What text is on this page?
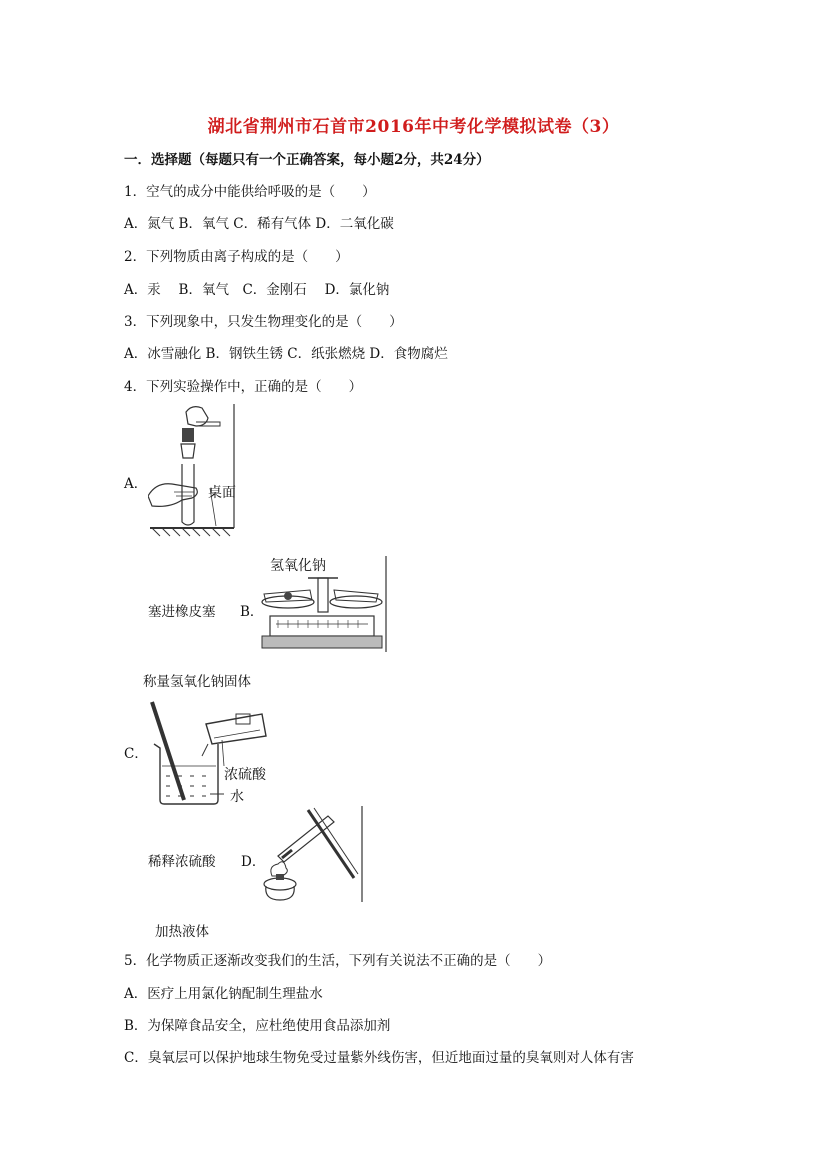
湖北省荆州市石首市2016年中考化学模拟试卷（3）
一．选择题（每题只有一个正确答案，每小题2分，共24分）
1．空气的成分中能供给呼吸的是（　　）
A．氮气 B．氧气 C．稀有气体 D．二氧化碳
2．下列物质由离子构成的是（　　）
A．汞　 B．氧气　C．金刚石　 D．氯化钠
3．下列现象中，只发生物理变化的是（　　）
A．冰雪融化 B．钢铁生锈 C．纸张燃烧 D．食物腐烂
4．下列实验操作中，正确的是（　　）
A．
桌面
塞进橡皮塞 B．
氢氧化钠
称量氢氧化钠固体
C．
浓硫酸
水
稀释浓硫酸 D．
加热液体
5．化学物质正逐渐改变我们的生活，下列有关说法不正确的是（　　）
A．医疗上用氯化钠配制生理盐水
B．为保障食品安全，应杜绝使用食品添加剂
C．臭氧层可以保护地球生物免受过量紫外线伤害，但近地面过量的臭氧则对人体有害
